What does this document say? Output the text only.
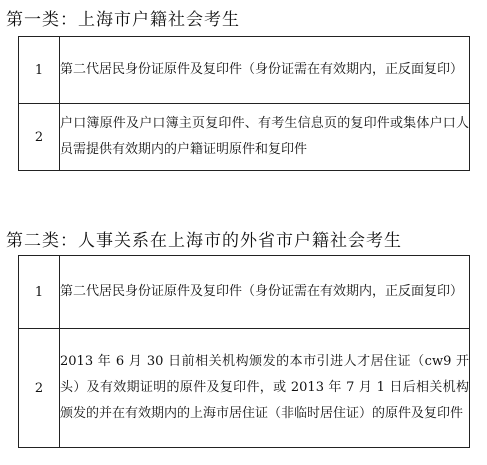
第一类：上海市户籍社会考生
1	第二代居民身份证原件及复印件（身份证需在有效期内，正反面复印）
2	户口簿原件及户口簿主页复印件、有考生信息页的复印件或集体户口人员需提供有效期内的户籍证明原件和复印件
第二类：人事关系在上海市的外省市户籍社会考生
1	第二代居民身份证原件及复印件（身份证需在有效期内，正反面复印）
2	2013 年 6 月 30 日前相关机构颁发的本市引进人才居住证（cw9 开头）及有效期证明的原件及复印件，或 2013 年 7 月 1 日后相关机构颁发的并在有效期内的上海市居住证（非临时居住证）的原件及复印件
